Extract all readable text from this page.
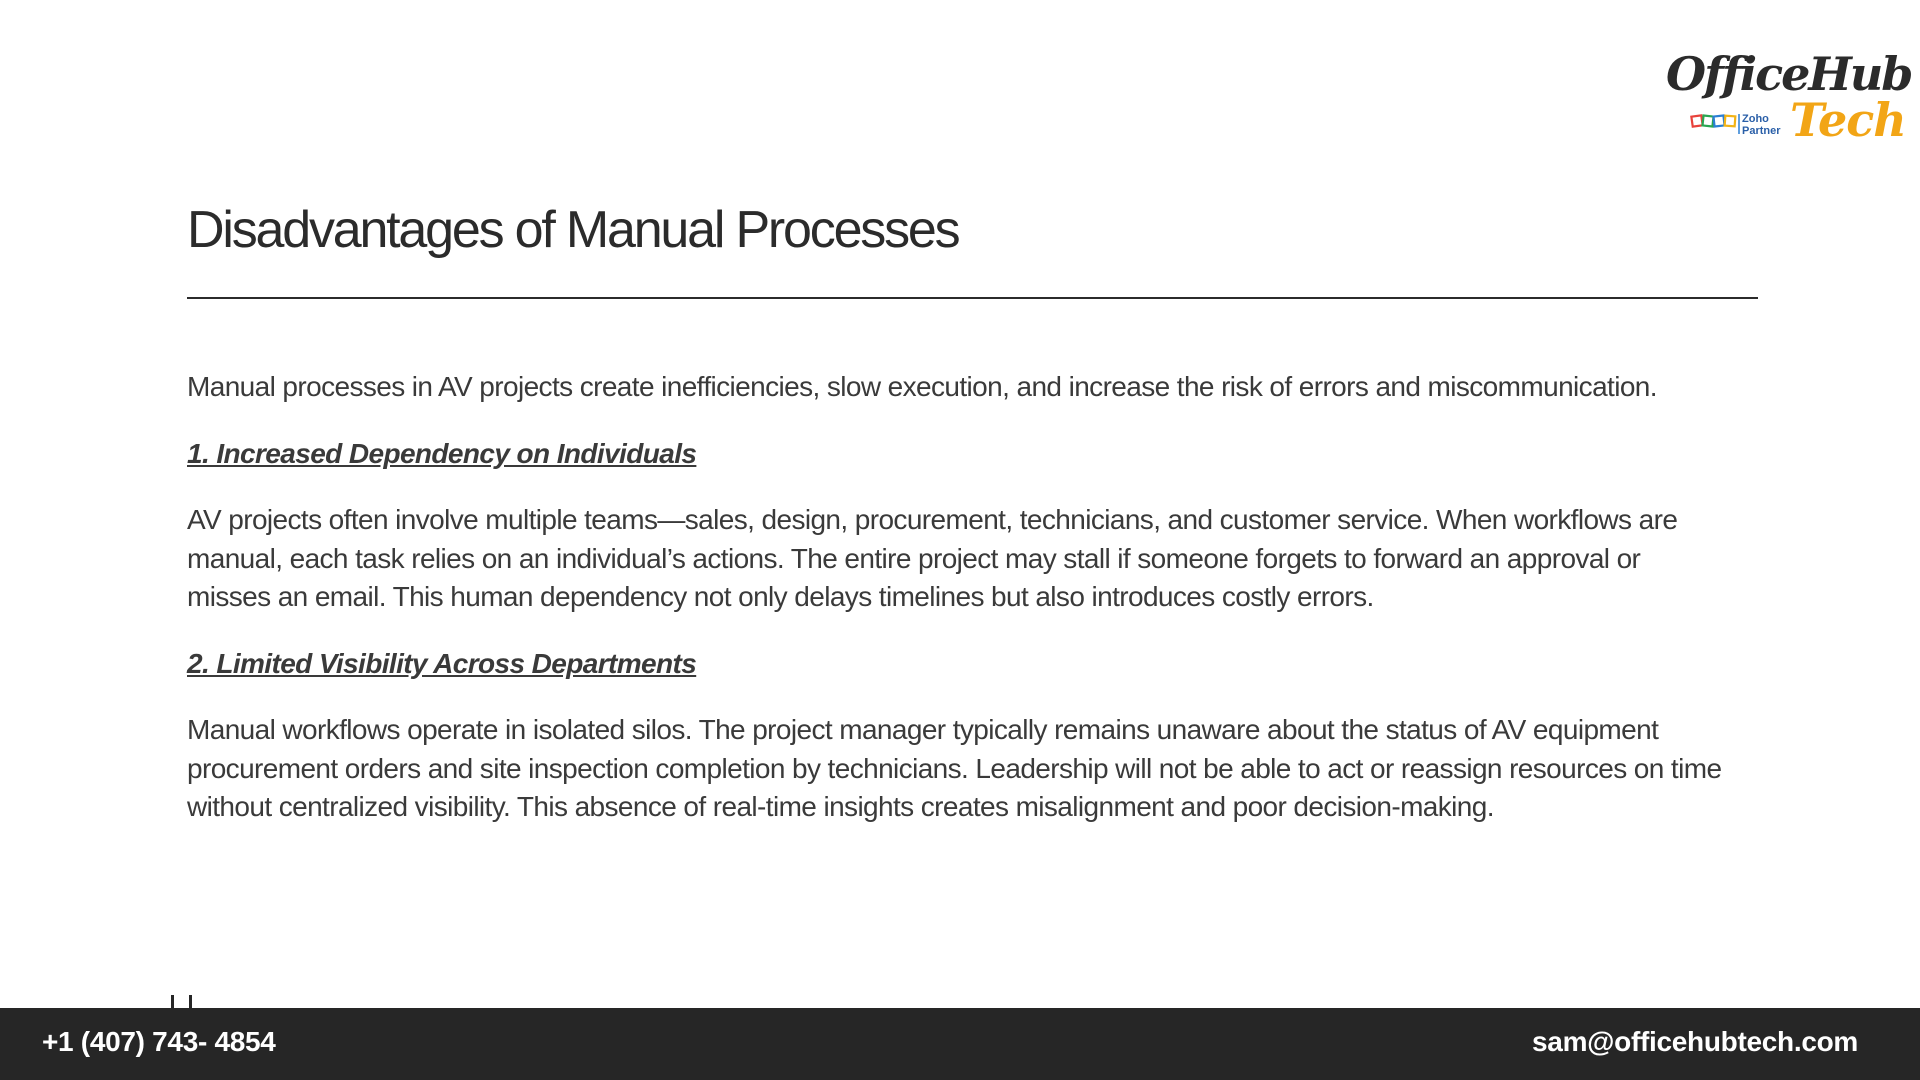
OfficeHub
Zoho
Partner Tech
Disadvantages of Manual Processes

Manual processes in AV projects create inefficiencies, slow execution, and increase the risk of errors and miscommunication.

1. Increased Dependency on Individuals

AV projects often involve multiple teams—sales, design, procurement, technicians, and customer service. When workflows are manual, each task relies on an individual’s actions. The entire project may stall if someone forgets to forward an approval or misses an email. This human dependency not only delays timelines but also introduces costly errors.

2. Limited Visibility Across Departments

Manual workflows operate in isolated silos. The project manager typically remains unaware about the status of AV equipment procurement orders and site inspection completion by technicians. Leadership will not be able to act or reassign resources on time without centralized visibility. This absence of real-time insights creates misalignment and poor decision-making.

+1 (407) 743- 4854	sam@officehubtech.com
